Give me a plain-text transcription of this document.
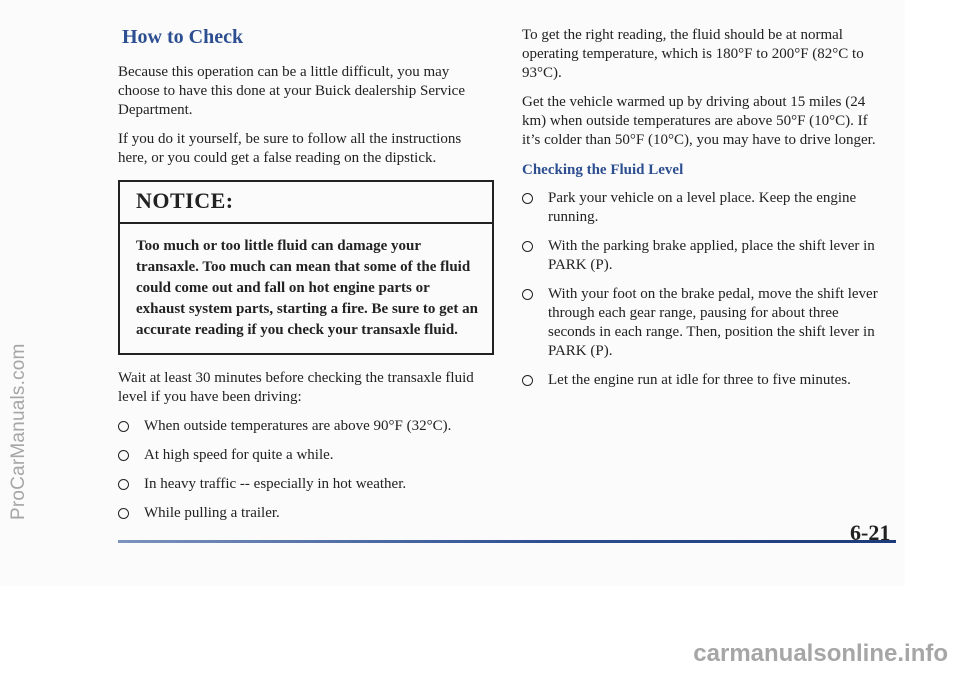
ProCarManuals.com
How to Check

Because this operation can be a little difficult, you may choose to have this done at your Buick dealership Service Department.

If you do it yourself, be sure to follow all the instructions here, or you could get a false reading on the dipstick.

NOTICE:
Too much or too little fluid can damage your transaxle. Too much can mean that some of the fluid could come out and fall on hot engine parts or exhaust system parts, starting a fire. Be sure to get an accurate reading if you check your transaxle fluid.

Wait at least 30 minutes before checking the transaxle fluid level if you have been driving:

When outside temperatures are above 90°F (32°C).
At high speed for quite a while.
In heavy traffic -- especially in hot weather.
While pulling a trailer.

To get the right reading, the fluid should be at normal operating temperature, which is 180°F to 200°F (82°C to 93°C).

Get the vehicle warmed up by driving about 15 miles (24 km) when outside temperatures are above 50°F (10°C). If it’s colder than 50°F (10°C), you may have to drive longer.

Checking the Fluid Level
Park your vehicle on a level place. Keep the engine running.
With the parking brake applied, place the shift lever in PARK (P).
With your foot on the brake pedal, move the shift lever through each gear range, pausing for about three seconds in each range. Then, position the shift lever in PARK (P).
Let the engine run at idle for three to five minutes.
6-21
carmanualsonline.info
